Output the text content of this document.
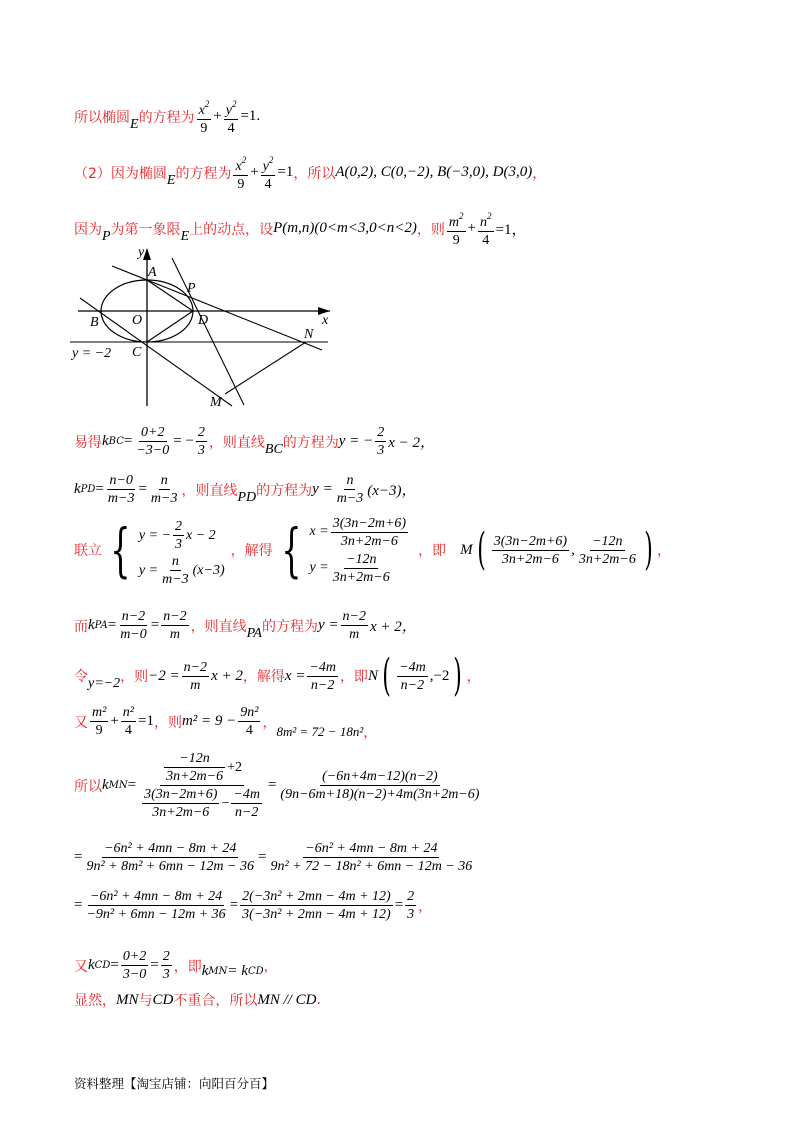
所以椭圆 E 的方程为 $\frac{x^2}{9} + \frac{y^2}{4} =1$.
（2） 因为椭圆 E 的方程为 $\frac{x^2}{9} + \frac{y^2}{4} =1$ ，所以 A(0,2), C(0,−2), B(−3,0), D(3,0) ，
因为 P 为第一象限 E 上的动点，设 P(m,n)(0<m<3,0<n<2) ，则 $\frac{m^2}{9} + \frac{n^2}{4} =1$，
y
x
A
P
B O	D
N
C
M
y = −2
易得 k BC = $\frac{0+2}{-3-0}$ = − $\frac{2}{3}$ ，则直线 BC 的方程为 y = − $\frac{2}{3}$ x − 2，
k PD = $\frac{n-0}{m-3} = \frac{n}{m-3}$ ，则直线 PD 的方程为 $y = \frac{n}{m-3} (x-3)$，
联立 { y = − $\frac{2}{3}$ x − 2
$y = \frac{n}{m-3} (x-3)$
，解得 { $x = \frac{3(3n-2m+6)}{3n+2m-6}$
$y = \frac{-12n}{3n+2m-6}$ ，即 M ( $\frac{3(3n-2m+6)}{3n+2m-6}$ , $\frac{-12n}{3n+2m-6}$ ) ，
而 k PA = $\frac{n-2}{m-0} = \frac{n-2}{m}$ ，则直线 PA 的方程为 $y = \frac{n-2}{m}$ x + 2，
令 y=−2 ，则 $-2 = \frac{n-2}{m}$ x + 2 ，解得 $x = \frac{-4m}{n-2}$ ，即 N ( $\frac{-4m}{n-2} ,-2$ ) ，
又 $\frac{\text{m²}}{9} + \frac{\text{n²}}{4} =1$ ，则 $m^2 = 9 - \frac{\text{9n²}}{4}$ ，
8m² = 72 − 18n² ，
所以 k MN = $\frac{\frac{-12n}{3n+2m-6} +2}{\frac{3(3n-2m+6)}{3n+2m-6} - \frac{-4m}{n-2}} = \frac{(-6n+4m-12)(n-2)}{(9n-6m+18)(n-2)+4m(3n+2m-6)}$
= $\frac{\text{−6n² + 4mn − 8m + 24}}{\text{9n² + 8m² + 6mn − 12m − 36}} = \frac{\text{−6n² + 4mn − 8m + 24}}{\text{9n² + 72 − 18n² + 6mn − 12m − 36}}$
= $\frac{\text{−6n² + 4mn − 8m + 24}}{\text{−9n² + 6mn − 12m + 36}} = \frac{\text{2(−3n² + 2mn − 4m + 12)}}{\text{3(−3n² + 2mn − 4m + 12)}} = \frac{2}{3}$ ，
又 k CD = $\frac{0+2}{3-0} = \frac{2}{3}$ ，即 k MN = k CD ，
显然， MN 与 CD 不重合，所以 MN // CD .
资料整理【淘宝店铺：向阳百分百】
